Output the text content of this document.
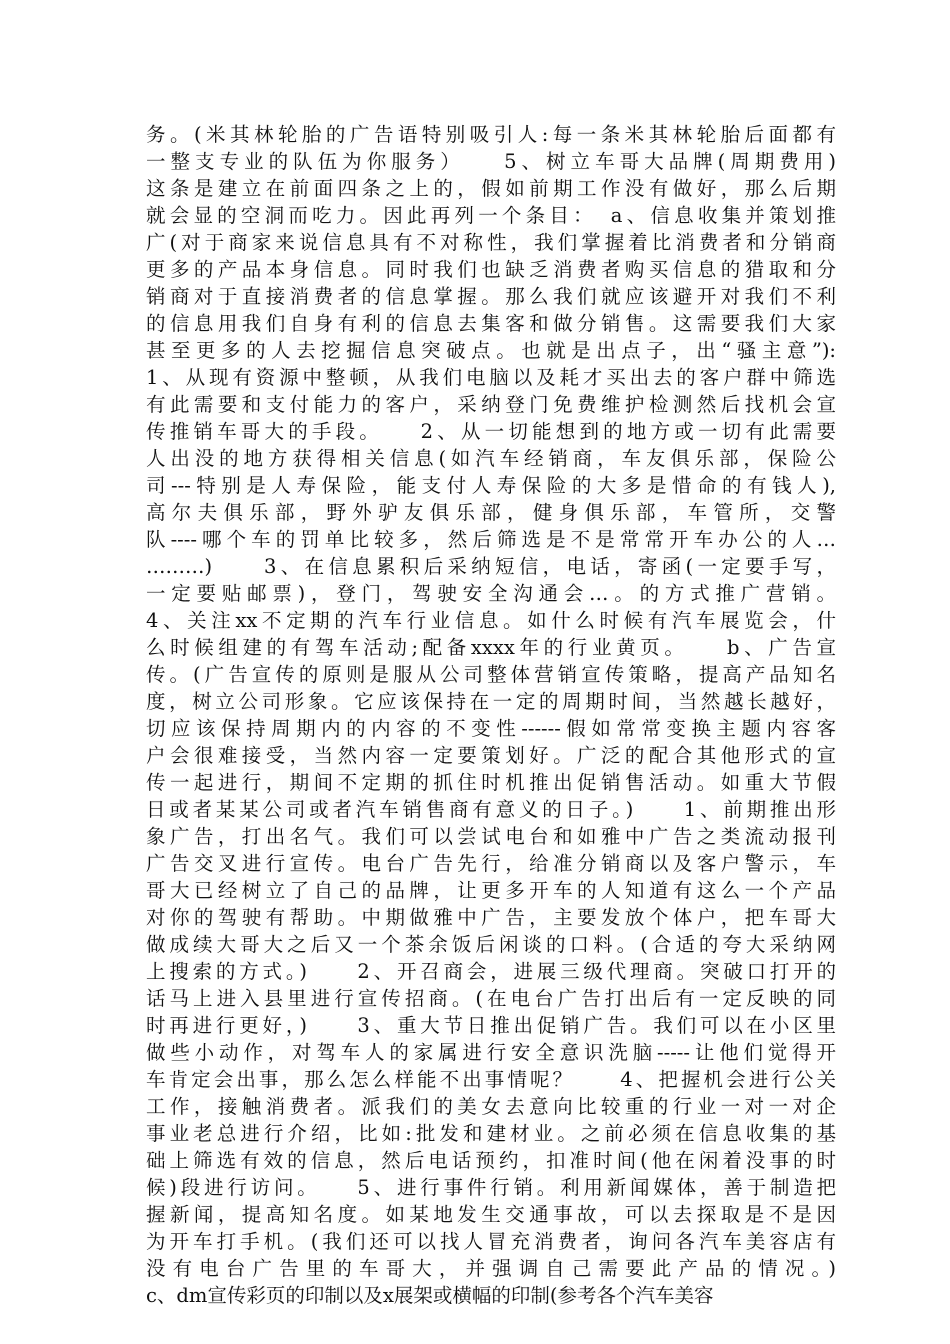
务。(米其林轮胎的广告语特别吸引人:每一条米其林轮胎后面都有
一整支专业的队伍为你服务）　　5、树立车哥大品牌(周期费用)
这条是建立在前面四条之上的，假如前期工作没有做好，那么后期
就会显的空洞而吃力。因此再列一个条目：　a、信息收集并策划推
广(对于商家来说信息具有不对称性，我们掌握着比消费者和分销商
更多的产品本身信息。同时我们也缺乏消费者购买信息的猎取和分
销商对于直接消费者的信息掌握。那么我们就应该避开对我们不利
的信息用我们自身有利的信息去集客和做分销售。这需要我们大家
甚至更多的人去挖掘信息突破点。也就是出点子，出“骚主意”):
1、从现有资源中整顿，从我们电脑以及耗才买出去的客户群中筛选
有此需要和支付能力的客户，采纳登门免费维护检测然后找机会宣
传推销车哥大的手段。　　2、从一切能想到的地方或一切有此需要
人出没的地方获得相关信息(如汽车经销商，车友俱乐部，保险公
司---特别是人寿保险，能支付人寿保险的大多是惜命的有钱人),
高尔夫俱乐部，野外驴友俱乐部，健身俱乐部，车管所，交警
队----哪个车的罚单比较多，然后筛选是不是常常开车办公的人…
………)　　3、在信息累积后采纳短信，电话，寄函(一定要手写，
一定要贴邮票)，登门，驾驶安全沟通会…。的方式推广营销。
4、关注xx不定期的汽车行业信息。如什么时候有汽车展览会，什
么时候组建的有驾车活动;配备xxxx年的行业黄页。　　b、广告宣
传。(广告宣传的原则是服从公司整体营销宣传策略，提高产品知名
度，树立公司形象。它应该保持在一定的周期时间，当然越长越好，
切应该保持周期内的内容的不变性------假如常常变换主题内容客
户会很难接受，当然内容一定要策划好。广泛的配合其他形式的宣
传一起进行，期间不定期的抓住时机推出促销售活动。如重大节假
日或者某某公司或者汽车销售商有意义的日子。)　　1、前期推出形
象广告，打出名气。我们可以尝试电台和如雅中广告之类流动报刊
广告交叉进行宣传。电台广告先行，给准分销商以及客户警示，车
哥大已经树立了自己的品牌，让更多开车的人知道有这么一个产品
对你的驾驶有帮助。中期做雅中广告，主要发放个体户，把车哥大
做成续大哥大之后又一个茶余饭后闲谈的口料。(合适的夸大采纳网
上搜索的方式。)　　2、开召商会，进展三级代理商。突破口打开的
话马上进入县里进行宣传招商。(在电台广告打出后有一定反映的同
时再进行更好，)　　3、重大节日推出促销广告。我们可以在小区里
做些小动作，对驾车人的家属进行安全意识洗脑-----让他们觉得开
车肯定会出事，那么怎么样能不出事情呢？　　4、把握机会进行公关
工作，接触消费者。派我们的美女去意向比较重的行业一对一对企
事业老总进行介绍，比如:批发和建材业。之前必须在信息收集的基
础上筛选有效的信息，然后电话预约，扣准时间(他在闲着没事的时
候)段进行访问。　　5、进行事件行销。利用新闻媒体，善于制造把
握新闻，提高知名度。如某地发生交通事故，可以去探取是不是因
为开车打手机。(我们还可以找人冒充消费者，询问各汽车美容店有
没有电台广告里的车哥大，并强调自己需要此产品的情况。)
c、dm宣传彩页的印制以及x展架或横幅的印制(参考各个汽车美容
